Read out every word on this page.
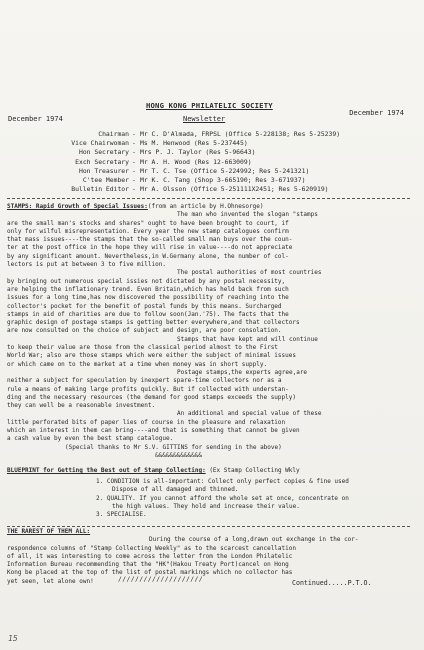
December 1974
December 1974
HONG KONG PHILATELIC SOCIETY
Newsletter
Chairman - Mr C. D'Almada, FRPSL (Office 5-228138; Res 5-25239)
Vice Chairwoman - Ms M. Henwood (Res 5-237445)
Hon Secretary - Mrs P. J. Taylor (Res 5-96643)
Exch Secretary - Mr A. H. Wood (Res 12-663009)
Hon Treasurer - Mr T. C. Tse (Office 5-224992; Res 5-241321)
C'tee Member - Mr K. C. Tang (Shop 3-665190; Res 3-671937)
Bulletin Editor - Mr A. Olsson (Office 5-251111X2451; Res 5-620919)
STAMPS: Rapid Growth of Special Issues:(from an article by H.Ohnesorge)
The man who invented the slogan "stamps
are the small man's stocks and shares" ought to have been brought to court, if
only for wilful misrepresentation. Every year the new stamp catalogues confirm
that mass issues----the stamps that the so-called small man buys over the coun-
ter at the post office in the hope they will rise in value----do not appreciate
by any significant amount. Nevertheless,in W.Germany alone, the number of col-
lectors is put at between 3 to five million.
The postal authorities of most countries
by bringing out numerous special issies not dictated by any postal necessity,
are helping the inflationary trend. Even Britain,which has held back from such
issues for a long time,has now discovered the possibility of reaching into the
collector's pocket for the benefit of postal funds by this means. Surcharged
stamps in aid of charities are due to follow soon(Jan.'75). The facts that the
graphic design of postage stamps is getting better everywhere,and that collectors
are now consulted on the choice of subject and design, are poor consolation.
Stamps that have kept and will continue
to keep their value are those from the classical period almost to the First
World War; also are those stamps which were either the subject of minimal issues
or which came on to the market at a time when money was in short supply.
Postage stamps,the experts agree,are
neither a subject for speculation by inexpert spare-time collectors nor as a
rule a means of making large profits quickly. But if collected with understan-
ding and the necessary resources (the demand for good stamps exceeds the supply)
they can well be a reasonable investment.
An additional and special value of these
little perforated bits of paper lies of course in the pleasure and relaxation
which an interest in them can bring----and that is something that cannot be given
a cash value by even the best stamp catalogue.
(Special thanks to Mr S.V. GITTINS for sending in the above)
&&&&&&&&&&&&&
BLUEPRINT for Getting the Best out of Stamp Collecting: (Ex Stamp Collecting Wkly
1. CONDITION is all-important: Collect only perfect copies & fine used
Dispose of all damaged and thinned.
2. QUALITY. If you cannot afford the whole set at once, concentrate on
the high values. They hold and increase their value.
3. SPECIALISE.
THE RAREST OF THEM ALL:
During the course of a long,drawn out exchange in the cor-
respondence columns of "Stamp Collecting Weekly" as to the scarcest cancellation
of all, it was interesting to come across the letter from the London Philatelic
Information Bureau recommending that the "HK"(Hakou Treaty Port)cancel on Hong
Kong be placed at the top of the list of postal markings which no collector has
yet seen, let alone own!	////////////////////	Continued.....P.T.O.
15
